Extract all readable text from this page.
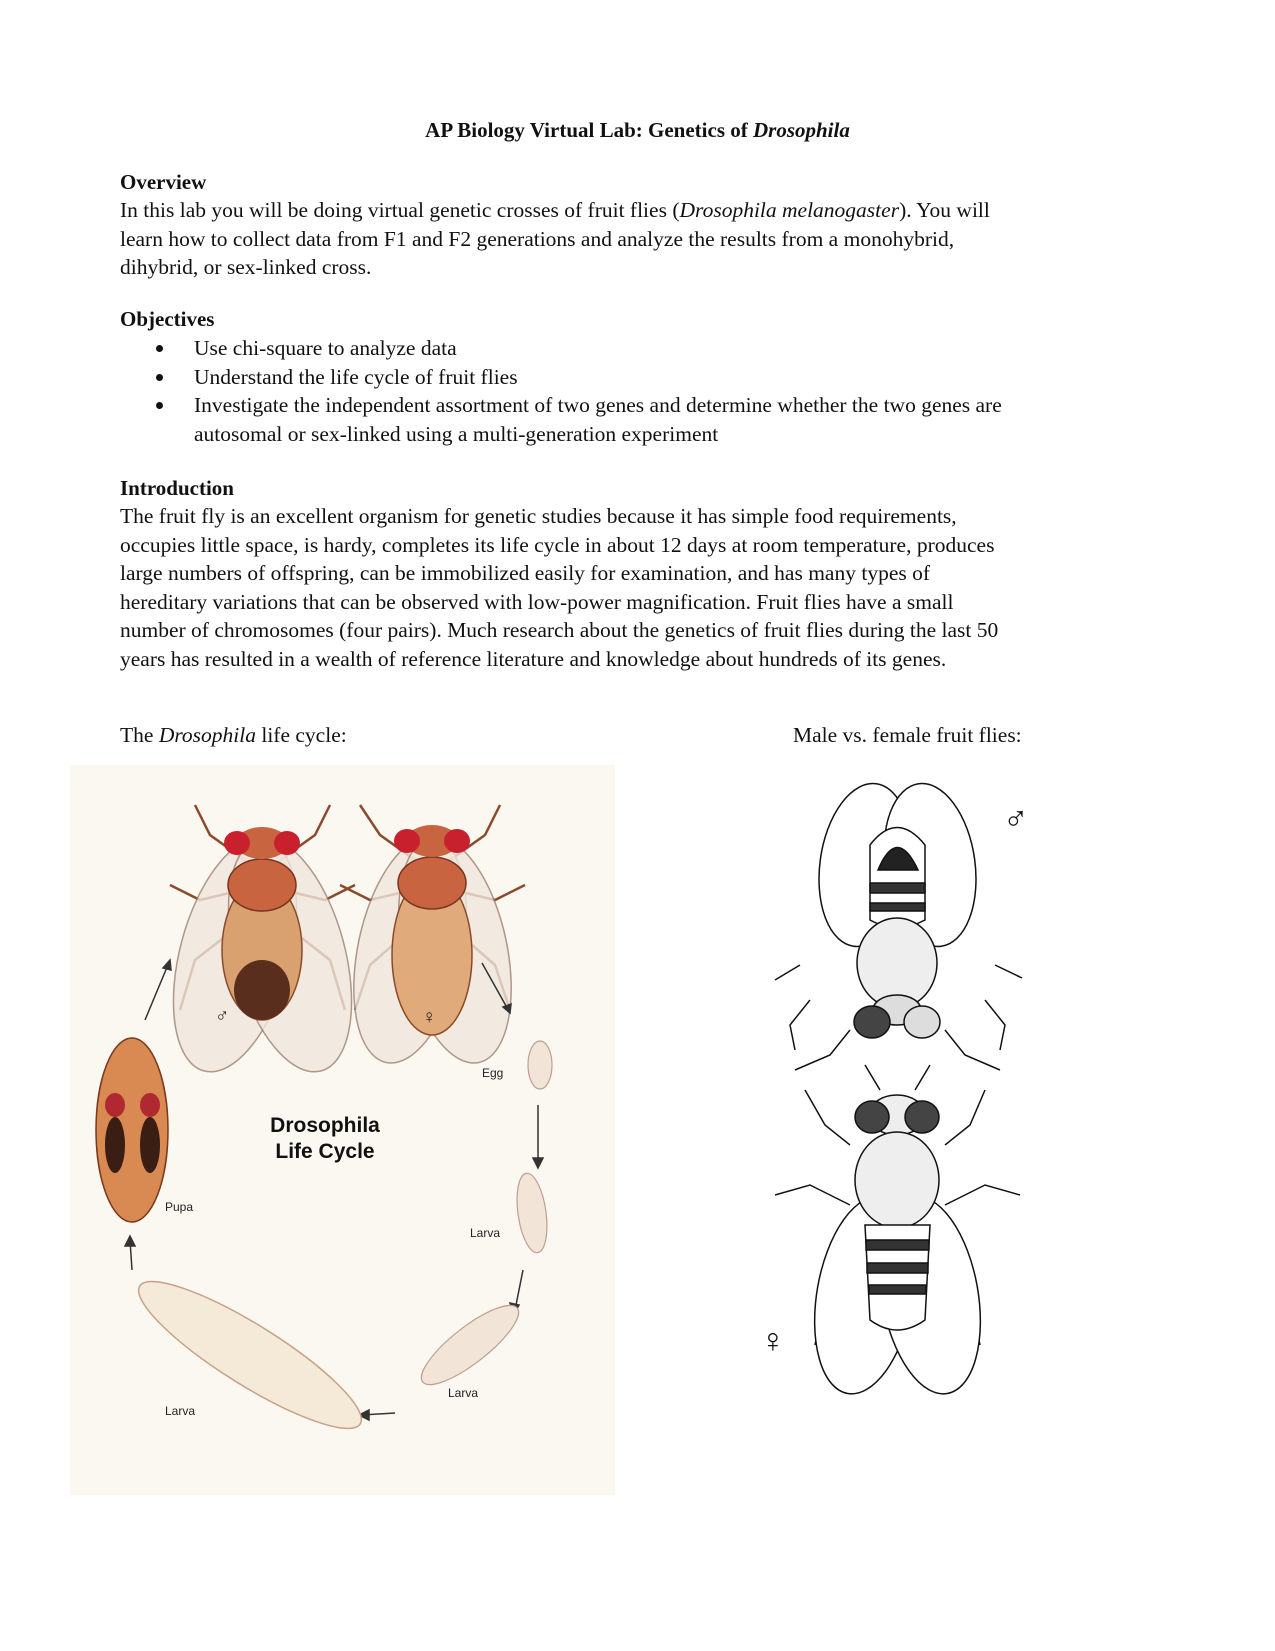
AP Biology Virtual Lab: Genetics of Drosophila
Overview

In this lab you will be doing virtual genetic crosses of fruit flies (Drosophila melanogaster). You will

learn how to collect data from F1 and F2 generations and analyze the results from a monohybrid,

dihybrid, or sex-linked cross.

Objectives
Use chi-square to analyze data
Understand the life cycle of fruit flies
Investigate the independent assortment of two genes and determine whether the two genes are
autosomal or sex-linked using a multi-generation experiment
Introduction

The fruit fly is an excellent organism for genetic studies because it has simple food requirements,

occupies little space, is hardy, completes its life cycle in about 12 days at room temperature, produces

large numbers of offspring, can be immobilized easily for examination, and has many types of

hereditary variations that can be observed with low-power magnification. Fruit flies have a small

number of chromosomes (four pairs). Much research about the genetics of fruit flies during the last 50

years has resulted in a wealth of reference literature and knowledge about hundreds of its genes.

The Drosophila life cycle:	Male vs. female fruit flies:
♂	♀
Egg
Larva
Larva
Larva
Pupa
Drosophila
Life Cycle
♂
♀
